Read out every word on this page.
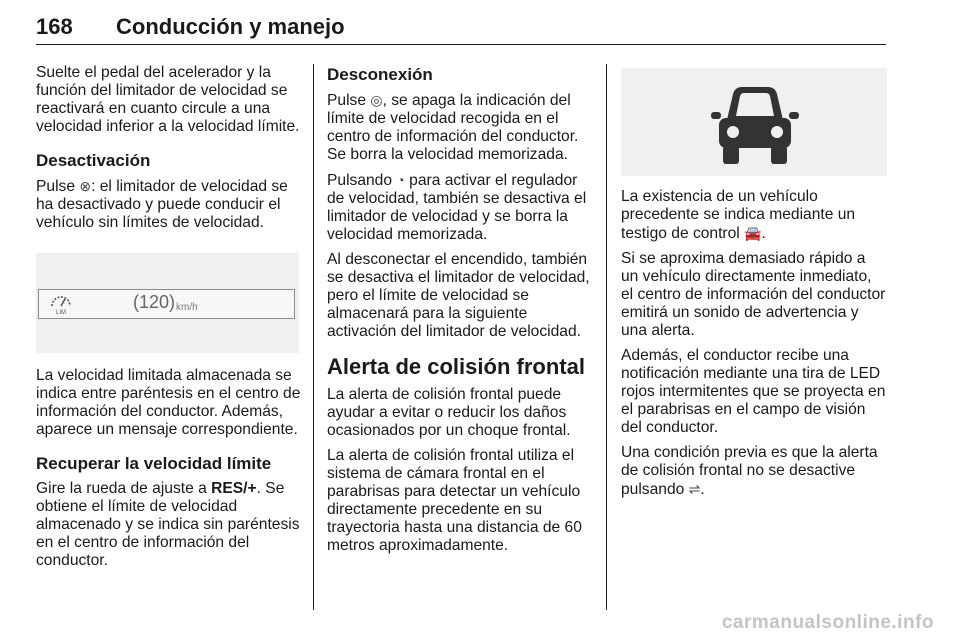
168 Conducción y manejo

Suelte el pedal del acelerador y la función del limitador de velocidad se reactivará en cuanto circule a una velocidad inferior a la velocidad límite.

Desactivación

Pulse ⊗: el limitador de velocidad se ha desactivado y puede conducir el vehículo sin límites de velocidad.

LIM
(120) km/h

La velocidad limitada almacenada se indica entre paréntesis en el centro de información del conductor. Además, aparece un mensaje correspondiente.

Recuperar la velocidad límite

Gire la rueda de ajuste a RES/+. Se obtiene el límite de velocidad almacenado y se indica sin paréntesis en el centro de información del conductor.

Desconexión

Pulse ◎, se apaga la indicación del límite de velocidad recogida en el centro de información del conductor. Se borra la velocidad memorizada.

Pulsando ◔ para activar el regulador de velocidad, también se desactiva el limitador de velocidad y se borra la velocidad memorizada.

Al desconectar el encendido, también se desactiva el limitador de velocidad, pero el límite de velocidad se almacenará para la siguiente activación del limitador de velocidad.

Alerta de colisión frontal

La alerta de colisión frontal puede ayudar a evitar o reducir los daños ocasionados por un choque frontal.

La alerta de colisión frontal utiliza el sistema de cámara frontal en el parabrisas para detectar un vehículo directamente precedente en su trayectoria hasta una distancia de 60 metros aproximadamente.

La existencia de un vehículo precedente se indica mediante un testigo de control 🚘.

Si se aproxima demasiado rápido a un vehículo directamente inmediato, el centro de información del conductor emitirá un sonido de advertencia y una alerta.

Además, el conductor recibe una notificación mediante una tira de LED rojos intermitentes que se proyecta en el parabrisas en el campo de visión del conductor.

Una condición previa es que la alerta de colisión frontal no se desactive pulsando ⇌.

carmanualsonline.info
